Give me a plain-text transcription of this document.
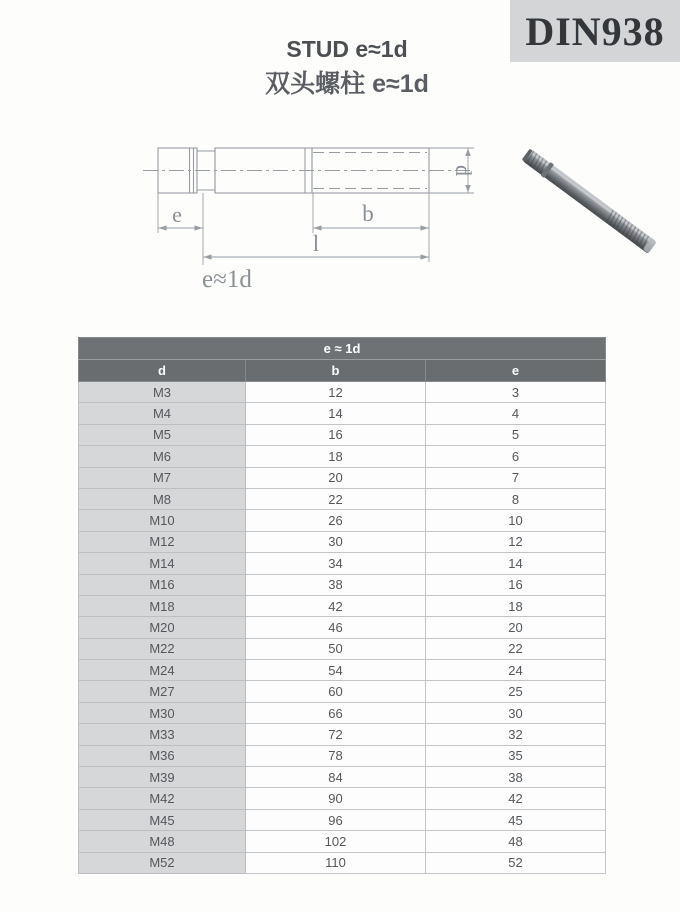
DIN938
STUD e≈1d
双头螺柱 e≈1d
e	b
l
d
e≈1d
e ≈ 1d		
d	b	e
M3	12	3
M4	14	4
M5	16	5
M6	18	6
M7	20	7
M8	22	8
M10	26	10
M12	30	12
M14	34	14
M16	38	16
M18	42	18
M20	46	20
M22	50	22
M24	54	24
M27	60	25
M30	66	30
M33	72	32
M36	78	35
M39	84	38
M42	90	42
M45	96	45
M48	102	48
M52	110	52
